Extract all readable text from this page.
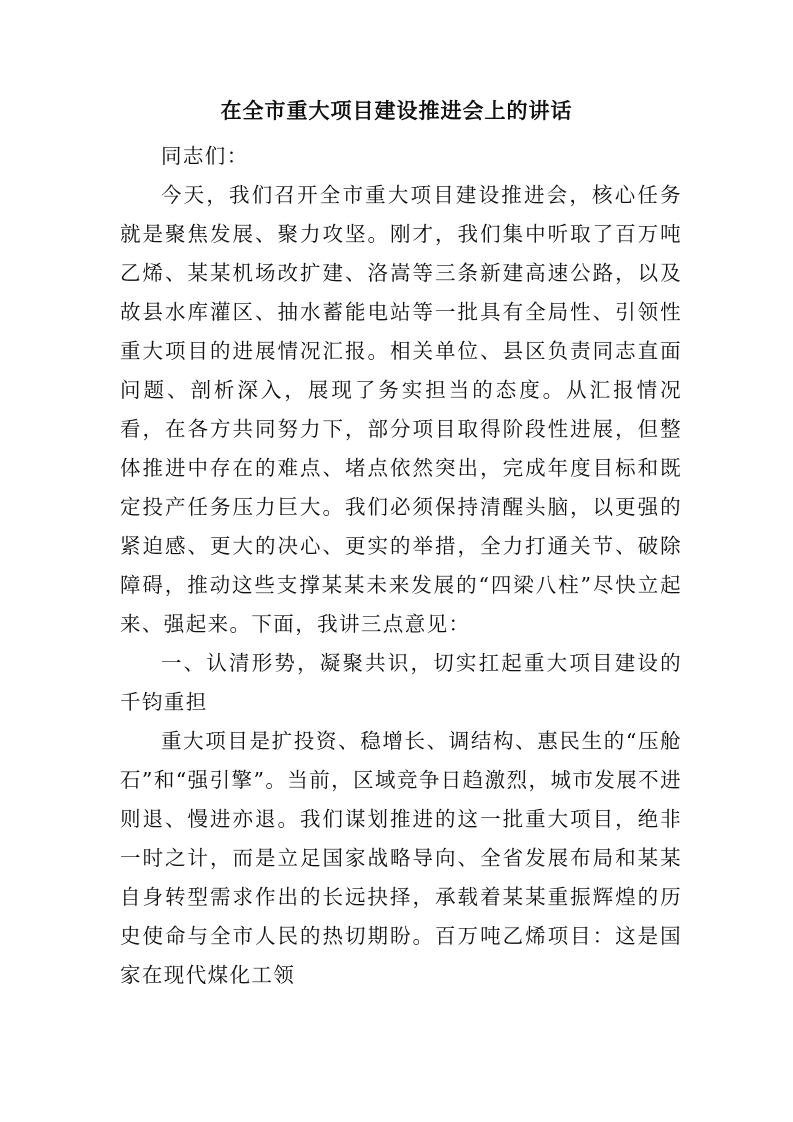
在全市重大项目建设推进会上的讲话

同志们：

今天，我们召开全市重大项目建设推进会，核心任务就是聚焦发展、聚力攻坚。刚才，我们集中听取了百万吨乙烯、某某机场改扩建、洛嵩等三条新建高速公路，以及故县水库灌区、抽水蓄能电站等一批具有全局性、引领性重大项目的进展情况汇报。相关单位、县区负责同志直面问题、剖析深入，展现了务实担当的态度。从汇报情况看，在各方共同努力下，部分项目取得阶段性进展，但整体推进中存在的难点、堵点依然突出，完成年度目标和既定投产任务压力巨大。我们必须保持清醒头脑，以更强的紧迫感、更大的决心、更实的举措，全力打通关节、破除障碍，推动这些支撑某某未来发展的“四梁八柱”尽快立起来、强起来。下面，我讲三点意见：

一、认清形势，凝聚共识，切实扛起重大项目建设的千钧重担

重大项目是扩投资、稳增长、调结构、惠民生的“压舱石”和“强引擎”。当前，区域竞争日趋激烈，城市发展不进则退、慢进亦退。我们谋划推进的这一批重大项目，绝非一时之计，而是立足国家战略导向、全省发展布局和某某自身转型需求作出的长远抉择，承载着某某重振辉煌的历史使命与全市人民的热切期盼。百万吨乙烯项目：这是国家在现代煤化工领
